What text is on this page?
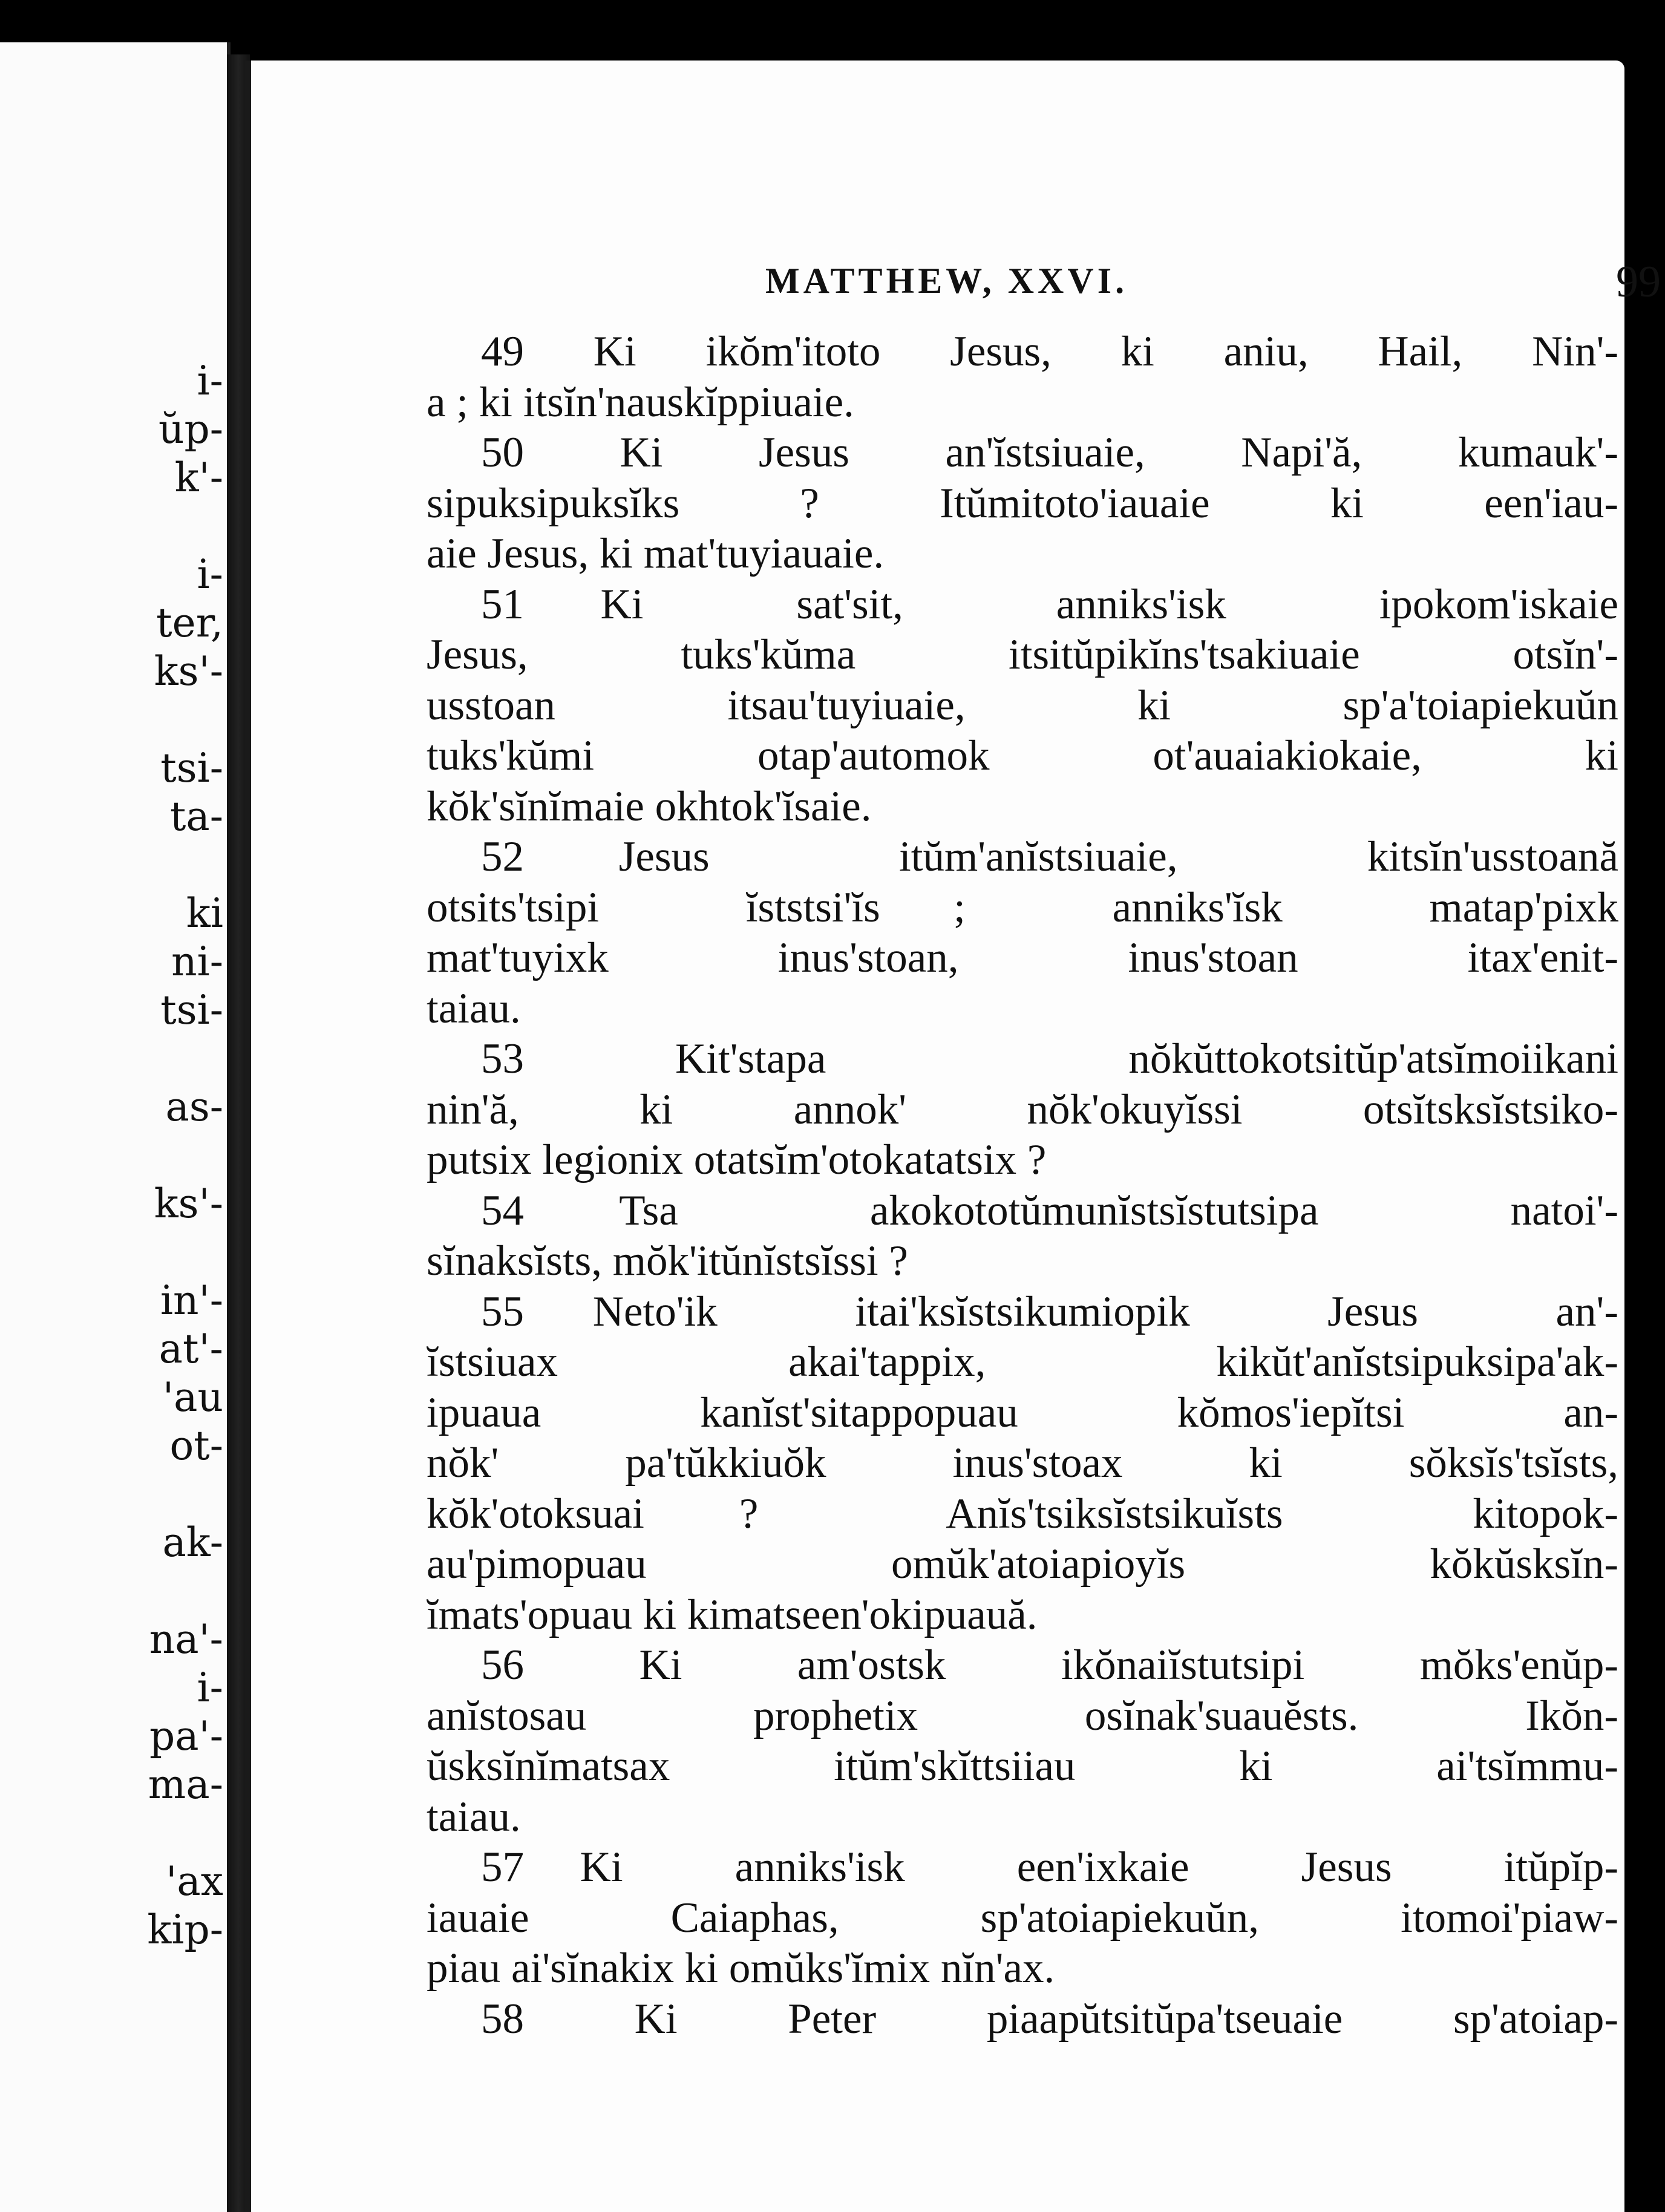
i-
ŭp-
k'-
i-
ter,
ks'-
tsi-
ta-
ki
ni-
tsi-
as-
ks'-
in'-
at'-
'au
ot-
ak-
na'-
i-
pa'-
ma-
'ax
kip-
MATTHEW, XXVI.	99
49 Ki ikŏm'itoto Jesus, ki aniu, Hail, Nin'-
a ; ki itsĭn'nauskĭppiuaie.
50 Ki Jesus an'ĭstsiuaie, Napi'ă, kumauk'-
sipuksipuksĭks ? Itŭmitoto'iauaie ki een'iau-
aie Jesus, ki mat'tuyiauaie.
51 Ki  sat'sit,  anniks'isk  ipokom'iskaie
Jesus, tuks'kŭma itsitŭpikĭns'tsakiuaie otsĭn'-
usstoan  itsau'tuyiuaie,  ki  sp'a'toiapiekuŭn
tuks'kŭmi  otap'automok  ot'auaiakiokaie,  ki
kŏk'sĭnĭmaie okhtok'ĭsaie.
52 Jesus  itŭm'anĭstsiuaie,  kitsĭn'usstoană
otsits'tsipi  ĭststsi'ĭs ;  anniks'ĭsk  matap'pixk
mat'tuyixk  inus'stoan,  inus'stoan  itax'enit-
taiau.
53 Kit'stapa  nŏkŭttokotsitŭp'atsĭmoiikani
nin'ă, ki annok' nŏk'okuyĭssi otsĭtsksĭstsiko-
putsix legionix otatsĭm'otokatatsix ?
54 Tsa  akokototŭmunĭstsĭstutsipa  natoi'-
sĭnaksĭsts, mŏk'itŭnĭstsĭssi ?
55 Neto'ik  itai'ksĭstsikumiopik  Jesus  an'-
ĭstsiuax  akai'tappix,  kikŭt'anĭstsipuksipa'ak-
ipuaua  kanĭst'sitappopuau  kŏmos'iepĭtsi  an-
nŏk'  pa'tŭkkiuŏk  inus'stoax  ki  sŏksĭs'tsĭsts,
kŏk'otoksuai ?  Anĭs'tsiksĭstsikuĭsts  kitopok-
au'pimopuau  omŭk'atoiapioyĭs  kŏkŭsksĭn-
ĭmats'opuau ki kimatseen'okipuauă.
56 Ki am'ostsk ikŏnaiĭstutsipi mŏks'enŭp-
anĭstosau  prophetix  osĭnak'suauĕsts.  Ikŏn-
ŭsksĭnĭmatsax  itŭm'skĭttsiiau  ki  ai'tsĭmmu-
taiau.
57 Ki  anniks'isk  een'ixkaie  Jesus  itŭpĭp-
iauaie Caiaphas, sp'atoiapiekuŭn, itomoi'piaw-
piau ai'sĭnakix ki omŭks'ĭmix nĭn'ax.
58 Ki Peter piaapŭtsitŭpa'tseuaie sp'atoiap-
